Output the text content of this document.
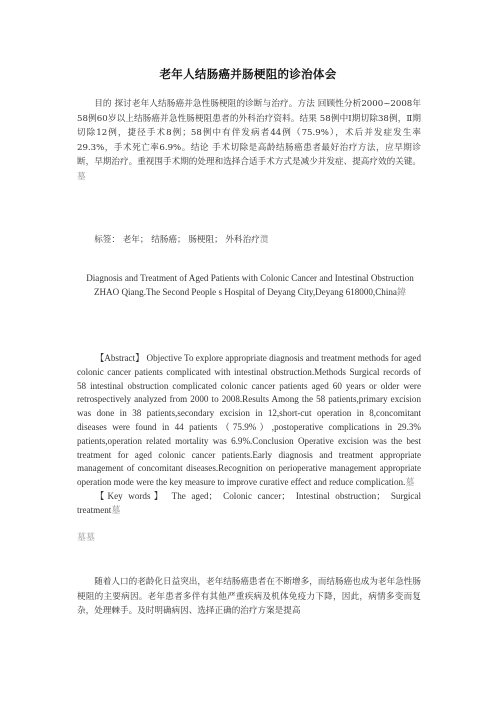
老年人结肠癌并肠梗阻的诊治体会
目的 探讨老年人结肠癌并急性肠梗阻的诊断与治疗。方法 回顾性分析2000~2008年58例60岁以上结肠癌并急性肠梗阻患者的外科治疗资料。结果 58例中Ⅰ期切除38例，Ⅱ期切除12例，捷径手术8例；58例中有伴发病者44例（75.9%），术后并发症发生率29.3%，手术死亡率6.9%。结论 手术切除是高龄结肠癌患者最好治疗方法，应早期诊断，早期治疗。重视围手术期的处理和选择合适手术方式是减少并发症、提高疗效的关键。墓
标签： 老年； 结肠癌； 肠梗阻； 外科治疗灠
Diagnosis and Treatment of Aged Patients with Colonic Cancer and Intestinal Obstruction ZHAO Qiang.The Second People s Hospital of Deyang City,Deyang 618000,China鍏
【Abstract】 Objective To explore appropriate diagnosis and treatment methods for aged colonic cancer patients complicated with intestinal obstruction.Methods Surgical records of 58 intestinal obstruction complicated colonic cancer patients aged 60 years or older were retrospectively analyzed from 2000 to 2008.Results Among the 58 patients,primary excision was done in 38 patients,secondary excision in 12,short-cut operation in 8,concomitant diseases were found in 44 patients（75.9%）,postoperative complications in 29.3% patients,operation related mortality was 6.9%.Conclusion Operative excision was the best treatment for aged colonic cancer patients.Early diagnosis and treatment appropriate management of concomitant diseases.Recognition on perioperative management appropriate operation mode were the key measure to improve curative effect and reduce complication.墓
【Key words】 The aged； Colonic cancer； Intestinal obstruction； Surgical treatment墓
墓墓
随着人口的老龄化日益突出，老年结肠癌患者在不断增多，而结肠癌也成为老年急性肠梗阻的主要病因。老年患者多伴有其他严重疾病及机体免疫力下降，因此，病情多变而复杂，处理棘手。及时明确病因、选择正确的治疗方案是提高
